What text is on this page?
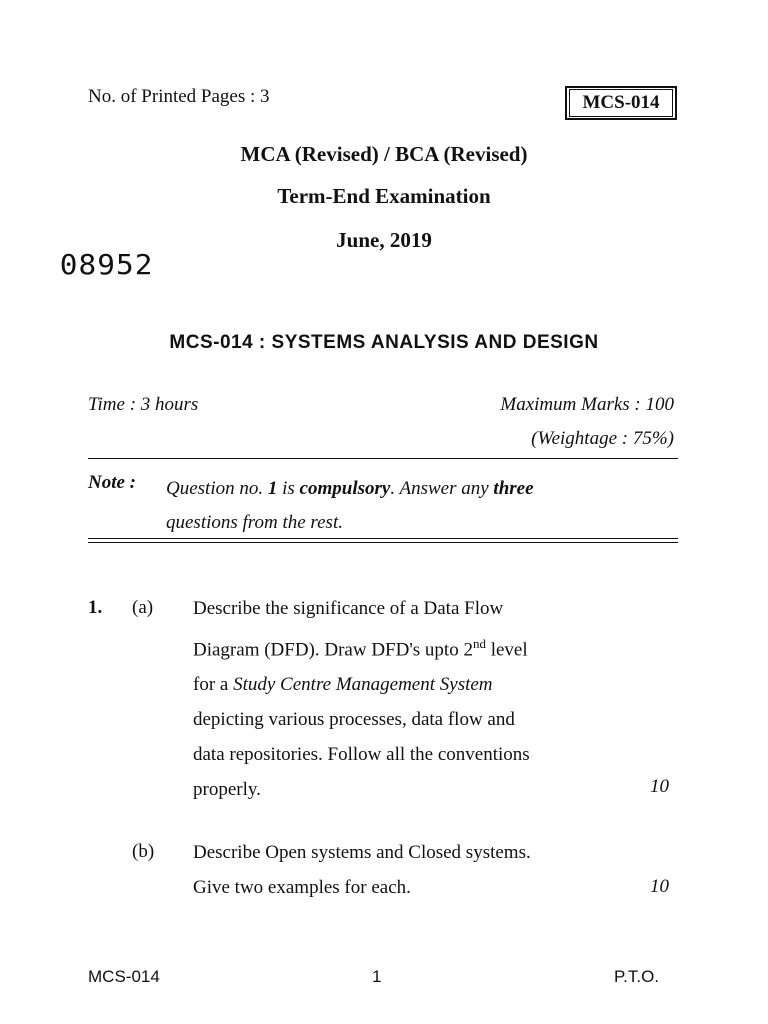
No. of Printed Pages : 3	MCS-014
MCA (Revised) / BCA (Revised)
Term-End Examination
June, 2019
08952
MCS-014 : SYSTEMS ANALYSIS AND DESIGN
Time : 3 hours	Maximum Marks : 100
(Weightage : 75%)
Note : Question no. 1 is compulsory. Answer any three
questions from the rest.
1. (a) Describe the significance of a Data Flow
Diagram (DFD). Draw DFD's upto 2nd level
for a Study Centre Management System
depicting various processes, data flow and
data repositories. Follow all the conventions
properly.	10
(b) Describe Open systems and Closed systems.
Give two examples for each.	10
MCS-014	1	P.T.O.
